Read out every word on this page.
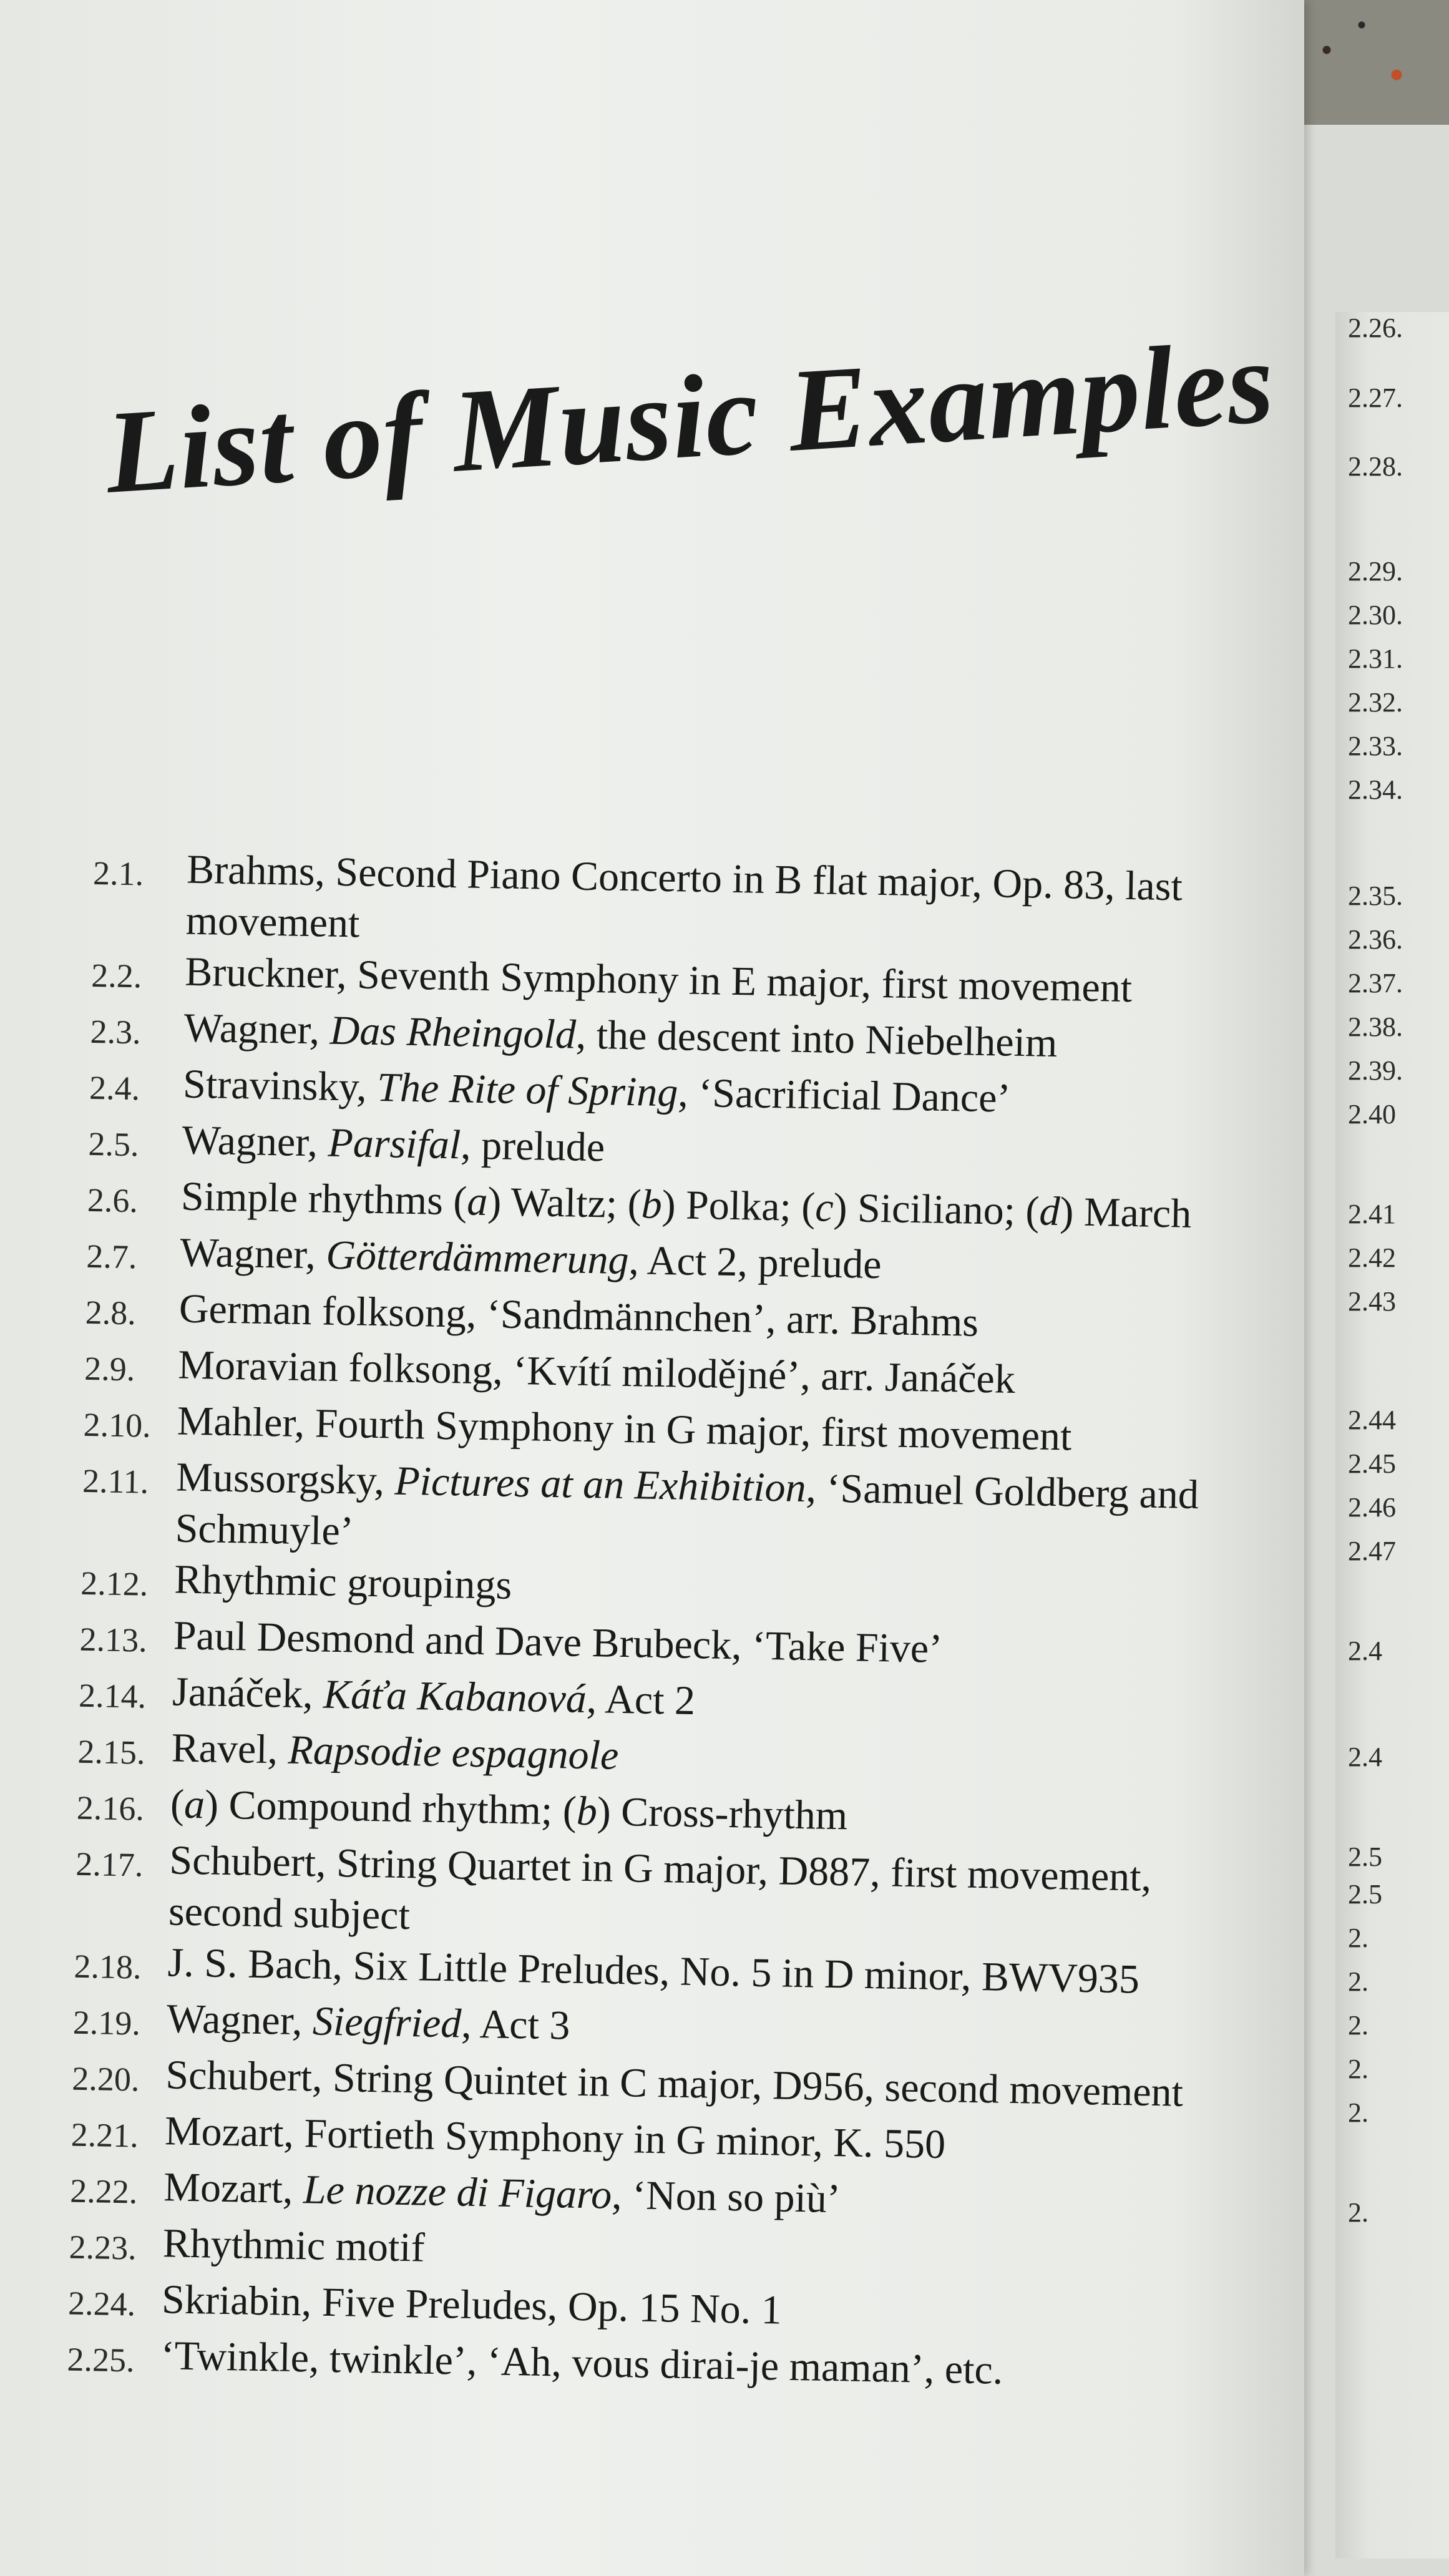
2.26.
2.27.
2.28.
2.29.
2.30.
2.31.
2.32.
2.33.
2.34.
2.35.
2.36.
2.37.
2.38.
2.39.
2.40
2.41
2.42
2.43
2.44
2.45
2.46
2.47
2.4
2.4
2.5
2.5
2.
2.
2.
2.
2.
2.
List of Music Examples
2.1.	Brahms, Second Piano Concerto in B flat major, Op. 83, last movement
2.2.	Bruckner, Seventh Symphony in E major, first movement
2.3.	Wagner, Das Rheingold, the descent into Niebelheim
2.4.	Stravinsky, The Rite of Spring, ‘Sacrificial Dance’
2.5.	Wagner, Parsifal, prelude
2.6.	Simple rhythms (a) Waltz; (b) Polka; (c) Siciliano; (d) March
2.7.	Wagner, Götterdämmerung, Act 2, prelude
2.8.	German folksong, ‘Sandmännchen’, arr. Brahms
2.9.	Moravian folksong, ‘Kvítí milodějné’, arr. Janáček
2.10. Mahler, Fourth Symphony in G major, first movement
2.11. Mussorgsky, Pictures at an Exhibition, ‘Samuel Goldberg and Schmuyle’
2.12. Rhythmic groupings
2.13. Paul Desmond and Dave Brubeck, ‘Take Five’
2.14. Janáček, Káťa Kabanová, Act 2
2.15. Ravel, Rapsodie espagnole
2.16. (a) Compound rhythm; (b) Cross-rhythm
2.17. Schubert, String Quartet in G major, D887, first movement, second subject
2.18. J. S. Bach, Six Little Preludes, No. 5 in D minor, BWV935
2.19. Wagner, Siegfried, Act 3
2.20. Schubert, String Quintet in C major, D956, second movement
2.21. Mozart, Fortieth Symphony in G minor, K. 550
2.22. Mozart, Le nozze di Figaro, ‘Non so più’
2.23. Rhythmic motif
2.24. Skriabin, Five Preludes, Op. 15 No. 1
2.25. ‘Twinkle, twinkle’, ‘Ah, vous dirai-je maman’, etc.
